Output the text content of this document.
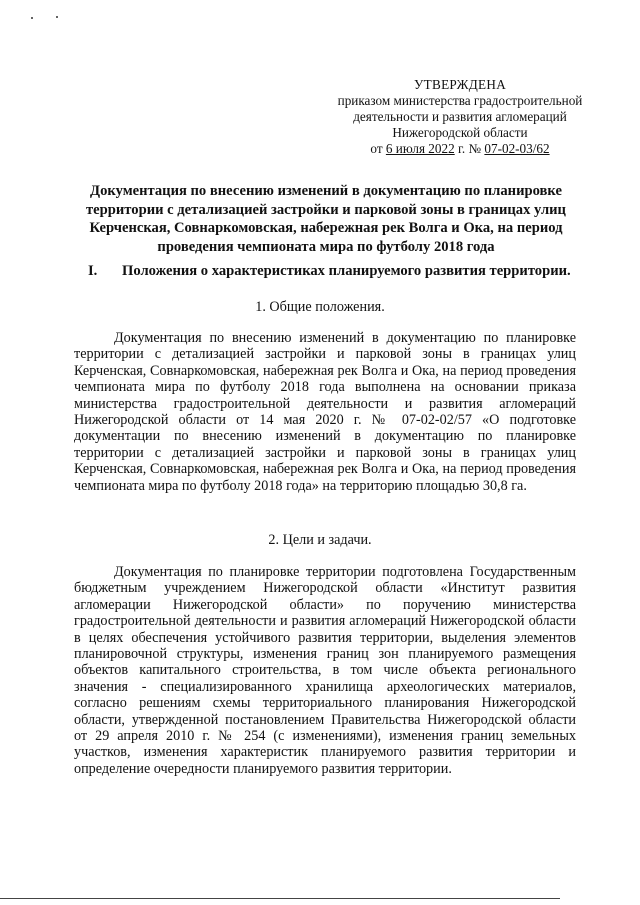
УТВЕРЖДЕНА
приказом министерства градостроительной
деятельности и развития агломераций
Нижегородской области
от 6 июля 2022 г. № 07-02-03/62
Документация по внесению изменений в документацию по планировке территории с детализацией застройки и парковой зоны в границах улиц Керченская, Совнаркомовская, набережная рек Волга и Ока, на период проведения чемпионата мира по футболу 2018 года
I. Положения о характеристиках планируемого развития территории.
1. Общие положения.
Документация по внесению изменений в документацию по планировке территории с детализацией застройки и парковой зоны в границах улиц Керченская, Совнаркомовская, набережная рек Волга и Ока, на период проведения чемпионата мира по футболу 2018 года выполнена на основании приказа министерства градостроительной деятельности и развития агломераций Нижегородской области от 14 мая 2020 г. № 07-02-02/57 «О подготовке документации по внесению изменений в документацию по планировке территории с детализацией застройки и парковой зоны в границах улиц Керченская, Совнаркомовская, набережная рек Волга и Ока, на период проведения чемпионата мира по футболу 2018 года» на территорию площадью 30,8 га.
2. Цели и задачи.
Документация по планировке территории подготовлена Государственным бюджетным учреждением Нижегородской области «Институт развития агломерации Нижегородской области» по поручению министерства градостроительной деятельности и развития агломераций Нижегородской области в целях обеспечения устойчивого развития территории, выделения элементов планировочной структуры, изменения границ зон планируемого размещения объектов капитального строительства, в том числе объекта регионального значения - специализированного хранилища археологических материалов, согласно решениям схемы территориального планирования Нижегородской области, утвержденной постановлением Правительства Нижегородской области от 29 апреля 2010 г. № 254 (с изменениями), изменения границ земельных участков, изменения характеристик планируемого развития территории и определение очередности планируемого развития территории.
